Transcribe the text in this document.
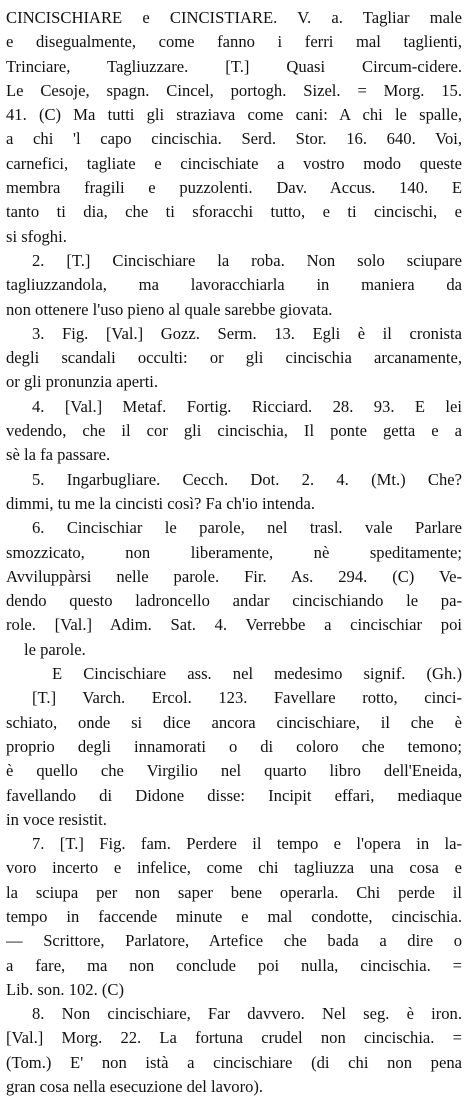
CINCISCHIARE e CINCISTIARE. V. a. Tagliar male
e disegualmente, come fanno i ferri mal taglienti,
Trinciare, Tagliuzzare. [T.] Quasi Circum-cidere.
Le Cesoje, spagn. Cincel, portogh. Sizel. = Morg. 15.
41. (C) Ma tutti gli straziava come cani: A chi le spalle,
a chi 'l capo cincischia. Serd. Stor. 16. 640. Voi,
carnefici, tagliate e cincischiate a vostro modo queste
membra fragili e puzzolenti. Dav. Accus. 140. E
tanto ti dia, che ti sforacchi tutto, e ti cincischi, e
si sfoghi.
2. [T.] Cincischiare la roba. Non solo sciupare
tagliuzzandola, ma lavoracchiarla in maniera da
non ottenere l'uso pieno al quale sarebbe giovata.
3. Fig. [Val.] Gozz. Serm. 13. Egli è il cronista
degli scandali occulti: or gli cincischia arcanamente,
or gli pronunzia aperti.
4. [Val.] Metaf. Fortig. Ricciard. 28. 93. E lei
vedendo, che il cor gli cincischia, Il ponte getta e a
sè la fa passare.
5. Ingarbugliare. Cecch. Dot. 2. 4. (Mt.) Che?
dimmi, tu me la cincisti così? Fa ch'io intenda.
6. Cincischiar le parole, nel trasl. vale Parlare
smozzicato, non liberamente, nè speditamente;
Avviluppàrsi nelle parole. Fir. As. 294. (C) Ve-
dendo questo ladroncello andar cincischiando le pa-
role. [Val.] Adim. Sat. 4. Verrebbe a cincischiar poi
le parole.
E Cincischiare ass. nel medesimo signif. (Gh.)
[T.] Varch. Ercol. 123. Favellare rotto, cinci-
schiato, onde si dice ancora cincischiare, il che è
proprio degli innamorati o di coloro che temono;
è quello che Virgilio nel quarto libro dell'Eneida,
favellando di Didone disse: Incipit effari, mediaque
in voce resistit.
7. [T.] Fig. fam. Perdere il tempo e l'opera in la-
voro incerto e infelice, come chi tagliuzza una cosa e
la sciupa per non saper bene operarla. Chi perde il
tempo in faccende minute e mal condotte, cincischia.
— Scrittore, Parlatore, Artefice che bada a dire o
a fare, ma non conclude poi nulla, cincischia. =
Lib. son. 102. (C)
8. Non cincischiare, Far davvero. Nel seg. è iron.
[Val.] Morg. 22. La fortuna crudel non cincischia. =
(Tom.) E' non istà a cincischiare (di chi non pena
gran cosa nella esecuzione del lavoro).
